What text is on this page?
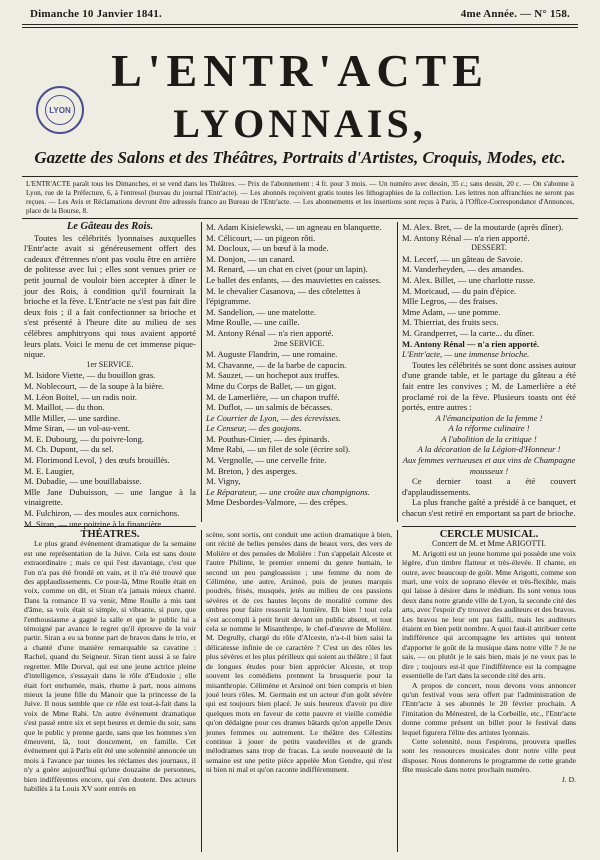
Dimanche 10 Janvier 1841.	4me Année. — N° 158.
LYON
L'ENTR'ACTE
LYONNAIS,
Gazette des Salons et des Théâtres, Portraits d'Artistes, Croquis, Modes, etc.
L'ENTR'ACTE paraît tous les Dimanches, et se vend dans les Théâtres. — Prix de l'abonnement : 4 fr. pour 3 mois. — Un numéro avec dessin, 35 c.; sans dessin, 20 c. — On s'abonne à Lyon, rue de la Préfecture, 6, à l'entresol (bureau du journal l'Entr'acte). — Les abonnés reçoivent gratis toutes les lithographies de la collection. Les lettres non affranchies ne seront pas reçues. — Les Avis et Réclamations devront être adressés franco au Bureau de l'Entr'acte. — Les abonnements et les insertions sont reçus à Paris, à l'Office-Correspondance d'Annonces, place de la Bourse, 8.

Le Gâteau des Rois.

Toutes les célébrités lyonnaises auxquelles l'Entr'acte avait si généreusement offert des cadeaux d'étrennes n'ont pas voulu être en arrière de politesse avec lui ; elles sont venues prier ce petit journal de vouloir bien accepter à dîner le jour des Rois, à condition qu'il fournirait la brioche et la fève. L'Entr'acte ne s'est pas fait dire deux fois ; il a fait confectionner sa brioche et s'est présenté à l'heure dite au milieu de ses célèbres amphitryons qui tous avaient apporté leurs plats. Voici le menu de cet immense pique-nique.

1er SERVICE.

M. Isidore Viette, — du bouillon gras.

M. Noblecourt, — de la soupe à la bière.

M. Léon Boitel, — un radis noir.

M. Maillot, — du thon.

Mlle Miller, — une sardine.

Mme Siran, — un vol-au-vent.

M. E. Dubourg, — du poivre-long.

M. Ch. Dupont, — du sel.

M. Florimond Levol, } des œufs brouillés.

M. E. Laugier,

M. Dubadie, — une bouillabaisse.

Mlle Jane Dubuisson, — une langue à la vinaigrette.

M. Fulchiron, — des moules aux cornichons.

M. Siran, — une poitrine à la financière.

M. Adam Kisielewski, — un agneau en blanquette.

M. Célicourt, — un pigeon rôti.

M. Docloux, — un bœuf à la mode.

M. Donjon, — un canard.

M. Renard, — un chat en civet (pour un lapin).

Le ballet des enfants, — des mauviettes en caisses.

M. le chevalier Casanova, — des côtelettes à l'épigramme.

M. Sandelion, — une matelotte.

Mme Roulle, — une caille.

M. Antony Rénal — n'a rien apporté.

2me SERVICE.

M. Auguste Flandrin, — une romaine.

M. Chavanne, — de la barbe de capucin.

M. Sauzet, — un hochepot aux truffes.

Mme du Corps de Ballet, — un gigot.

M. de Lamerlière, — un chapon truffé.

M. Duflot, — un salmis de bécasses.

Le Courrier de Lyon, — des écrevisses.

Le Censeur, — des goujons.

M. Pouthus-Cinier, — des épinards.

Mme Rabi, — un filet de sole (écrire sol).

M. Vergnolle, — une cervelle frite.

M. Breton, } des asperges.

M. Vigny,

Le Réparateur, — une croûte aux champignons.

Mme Desbordes-Valmore, — des crêpes.

M. Alex. Bret, — de la moutarde (après dîner).

M. Antony Rénal — n'a rien apporté.

DESSERT.

M. Lecerf, — un gâteau de Savoie.

M. Vanderheyden, — des amandes.

M. Alex. Billet, — une charlotte russe.

M. Moricaud, — du pain d'épice.

Mlle Legros, — des fraises.

Mme Adam, — une pomme.

M. Thierriat, des fruits secs.

M. Grandperret, — la carte... du dîner.

M. Antony Rénal — n'a rien apporté.

L'Entr'acte, — une immense brioche.

Toutes les célébrités se sont donc assises autour d'une grande table, et le partage du gâteau a été fait entre les convives ; M. de Lamerlière a été proclamé roi de la fève. Plusieurs toasts ont été portés, entre autres :

A l'émancipation de la femme !

A la réforme culinaire !

A l'abolition de la critique !

A la décoration de la Légion-d'Honneur !

Aux femmes vertueuses et aux vins de Champagne mousseux !

Ce dernier toast a été couvert d'applaudissements.

La plus franche gaîté a présidé à ce banquet, et chacun s'est retiré en emportant sa part de brioche.

THÉATRES.

Le plus grand événement dramatique de la semaine est une représentation de la Juive. Cela est sans doute extraordinaire ; mais ce qui l'est davantage, c'est que l'on n'a pas été frondé en vain, et il n'a été trouvé que des applaudissements. Ce pour-là, Mme Roulle était en voix, comme on dit, et Siran n'a jamais mieux chanté. Dans la romance Il va venir, Mme Roulle a mis tant d'âme, sa voix était si simple, si vibrante, si pure, que l'enthousiasme a gagné la salle et que le public lui a témoigné par avance le regret qu'il éprouve de la voir partir. Siran a eu sa bonne part de bravos dans le trio, et a chanté d'une manière remarquable sa cavatine : Rachel, quand du Seigneur. Siran tient aussi à se faire regretter. Mlle Dorval, qui est une jeune actrice pleine d'intelligence, s'essayait dans le rôle d'Eudoxie ; elle était fort enrhumée, mais, rhume à part, nous aimons mieux la jeune fille du Manoir que la princesse de la Juive. Il nous semble que ce rôle est tout-à-fait dans la voix de Mme Rabi. Un autre événement dramatique s'est passé entre six et sept heures et demie du soir, sans que le public y prenne garde, sans que les hommes s'en émeuvent, là, tout doucement, en famille. Cet événement qui à Paris eût été une solennité annoncée un mois à l'avance par toutes les réclames des journaux, il n'y a guère aujourd'hui qu'une douzaine de personnes, bien indifférentes encore, qui s'en doutent. Des acteurs habillés à la Louis XV sont entrés en

scène, sont sortis, ont conduit une action dramatique à bien, ont récité de belles pensées dans de beaux vers, des vers de Molière et des pensées de Molière : l'un s'appelait Alceste et l'autre Philinte, le premier ennemi du genre humain, le second un peu pangloassiste ; une femme du nom de Célimène, une autre, Arsinoé, puis de jeunes marquis poudrés, frisés, musqués, jetés au milieu de ces passions sévères et de ces hautes leçons de moralité comme des ombres pour faire ressortir la lumière. Eh bien ! tout cela s'est accompli à petit bruit devant un public absent, et tout cela se nomme le Misanthrope, le chef-d'œuvre de Molière. M. Degrully, chargé du rôle d'Alceste, n'a-t-il bien saisi la délicatesse infinie de ce caractère ? C'est un des rôles les plus sévères et les plus périlleux qui soient au théâtre ; il faut de longues études pour bien apprécier Alceste, et trop souvent les comédiens prennent la brusquerie pour la misanthropie. Célimène et Arsinoé ont bien compris et bien joué leurs rôles. M. Germain est un acteur d'un goût sévère qui est toujours bien placé. Je suis heureux d'avoir pu dire quelques mots en faveur de cette pauvre et vieille comédie qu'on dédaigne pour ces drames bâtards qu'on appelle Deux jeunes femmes ou autrement. Le théâtre des Célestins continue à jouer de petits vaudevilles et de grands mélodrames sans trop de fracas. La seule nouveauté de la semaine est une petite pièce appelée Mon Gendre, qui n'est ni bien ni mal et qu'on raconte indifféremment.

CERCLE MUSICAL.

Concert de M. et Mme ARIGOTTI.

M. Arigotti est un jeune homme qui possède une voix légère, d'un timbre flatteur et très-élevée. Il chante, en outre, avec beaucoup de goût. Mme Arigotti, comme son mari, une voix de soprano élevée et très-flexible, mais qui laisse à désirer dans le médium. Ils sont venus tous deux dans notre grande ville de Lyon, la seconde cité des arts, avec l'espoir d'y trouver des auditeurs et des bravos. Les bravos ne leur ont pas failli, mais les auditeurs étaient en bien petit nombre. A quoi faut-il attribuer cette indifférence qui accompagne les artistes qui tentent d'apporter le goût de la musique dans notre ville ? Je ne sais, — ou plutôt je le sais bien, mais je ne veux pas le dire ; toujours est-il que l'indifférence est la compagne essentielle de l'art dans la seconde cité des arts.

A propos de concert, nous devons vous annoncer qu'un festival vous sera offert par l'administration de l'Entr'acte à ses abonnés le 20 février prochain. A l'imitation du Ménestrel, de la Corbeille, etc., l'Entr'acte donne comme présent un billet pour le festival dans lequel figurera l'élite des artistes lyonnais.

Cette solennité, nous l'espérons, prouvera quelles sont les ressources musicales dont notre ville peut disposer. Nous donnerons le programme de cette grande fête musicale dans notre prochain numéro.

J. D.
